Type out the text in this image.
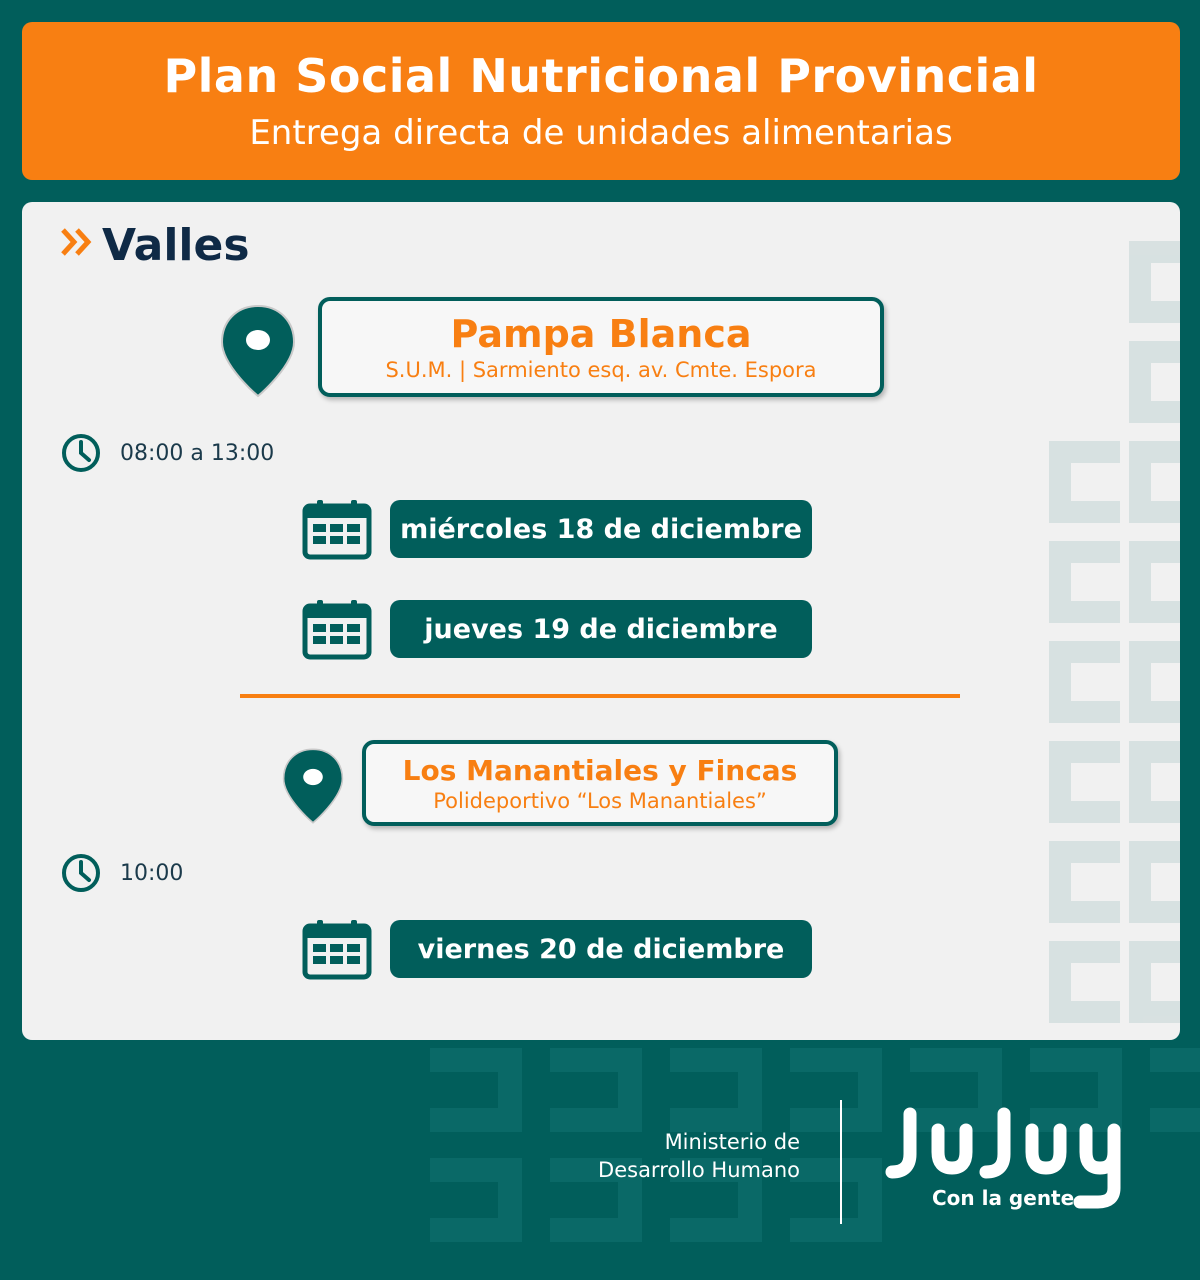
Plan Social Nutricional Provincial
Entrega directa de unidades alimentarias
Valles
Pampa Blanca
S.U.M. | Sarmiento esq. av. Cmte. Espora
08:00 a 13:00
miércoles 18 de diciembre
jueves 19 de diciembre
Los Manantiales y Fincas
Polideportivo “Los Manantiales”
10:00
viernes 20 de diciembre
Ministerio de
Desarrollo Humano
Con la gente
